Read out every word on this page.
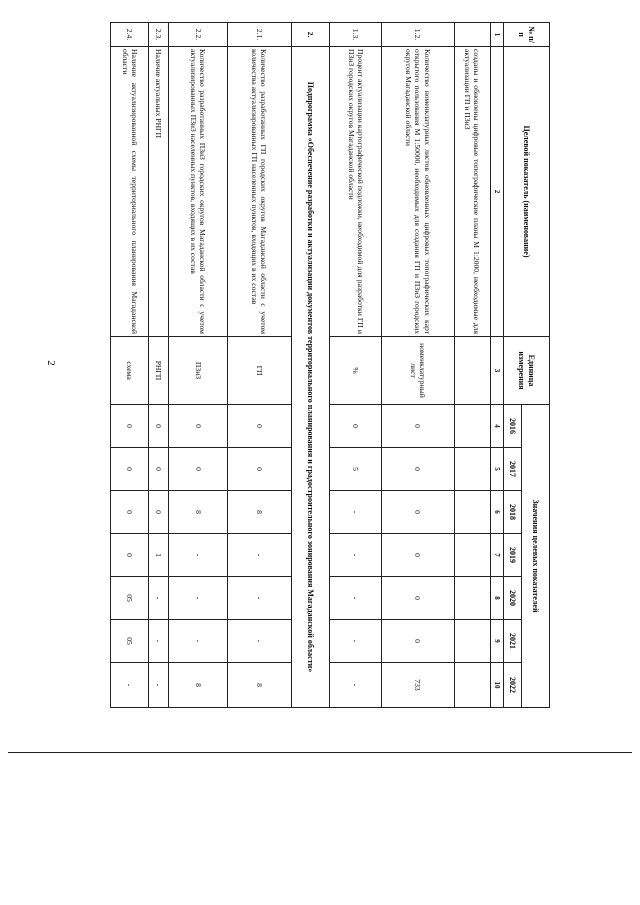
2
№ п/п	Целевой показатель (наименование)	Единица измерения	Значения целевых показателей						
			2016	2017	2018	2019	2020	2021	2022
1	2	3	4	5	6	7	8	9	10
	созданы и обновлены цифровые топографические планы М 1:2000, необходимые для актуализации ГП и ПЗиЗ								
1.2.	Количество номенклатурных листов обновленных цифровых топографических карт открытого пользования М 1:50000, необходимых для создания ГП и ПЗиЗ городских округов Магаданской области	номенклатурный лист	0	0	0	0	0	0	733
1.3.	Процент актуализации картографической подложки, необходимой для разработки ГП и ПЗиЗ городских округов Магаданской области	%	0	5	-	-	-	-	-
2.	Подпрограмма «Обеспечение разработки и актуализации документов территориального планирования и градостроительного зонирования Магаданской области»								
2.1.	Количество разработанных ГП городских округов Магаданской области с учетом количества актуализированных ГП населенных пунктов, входящих в их состав	ГП	0	0	8	-	-	-	8
2.2.	Количество разработанных ПЗиЗ городских округов Магаданской области с учетом актуализированных ПЗиЗ населенных пунктов, входящих в их состав	ПЗиЗ	0	0	8	-	-	-	8
2.3.	Наличие актуальных РНГП	РНГП	0	0	0	1	-	-	-
2.4.	Наличие актуализированной схемы территориального планирования Магаданской области	схема	0	0	0	0	05	05	-
